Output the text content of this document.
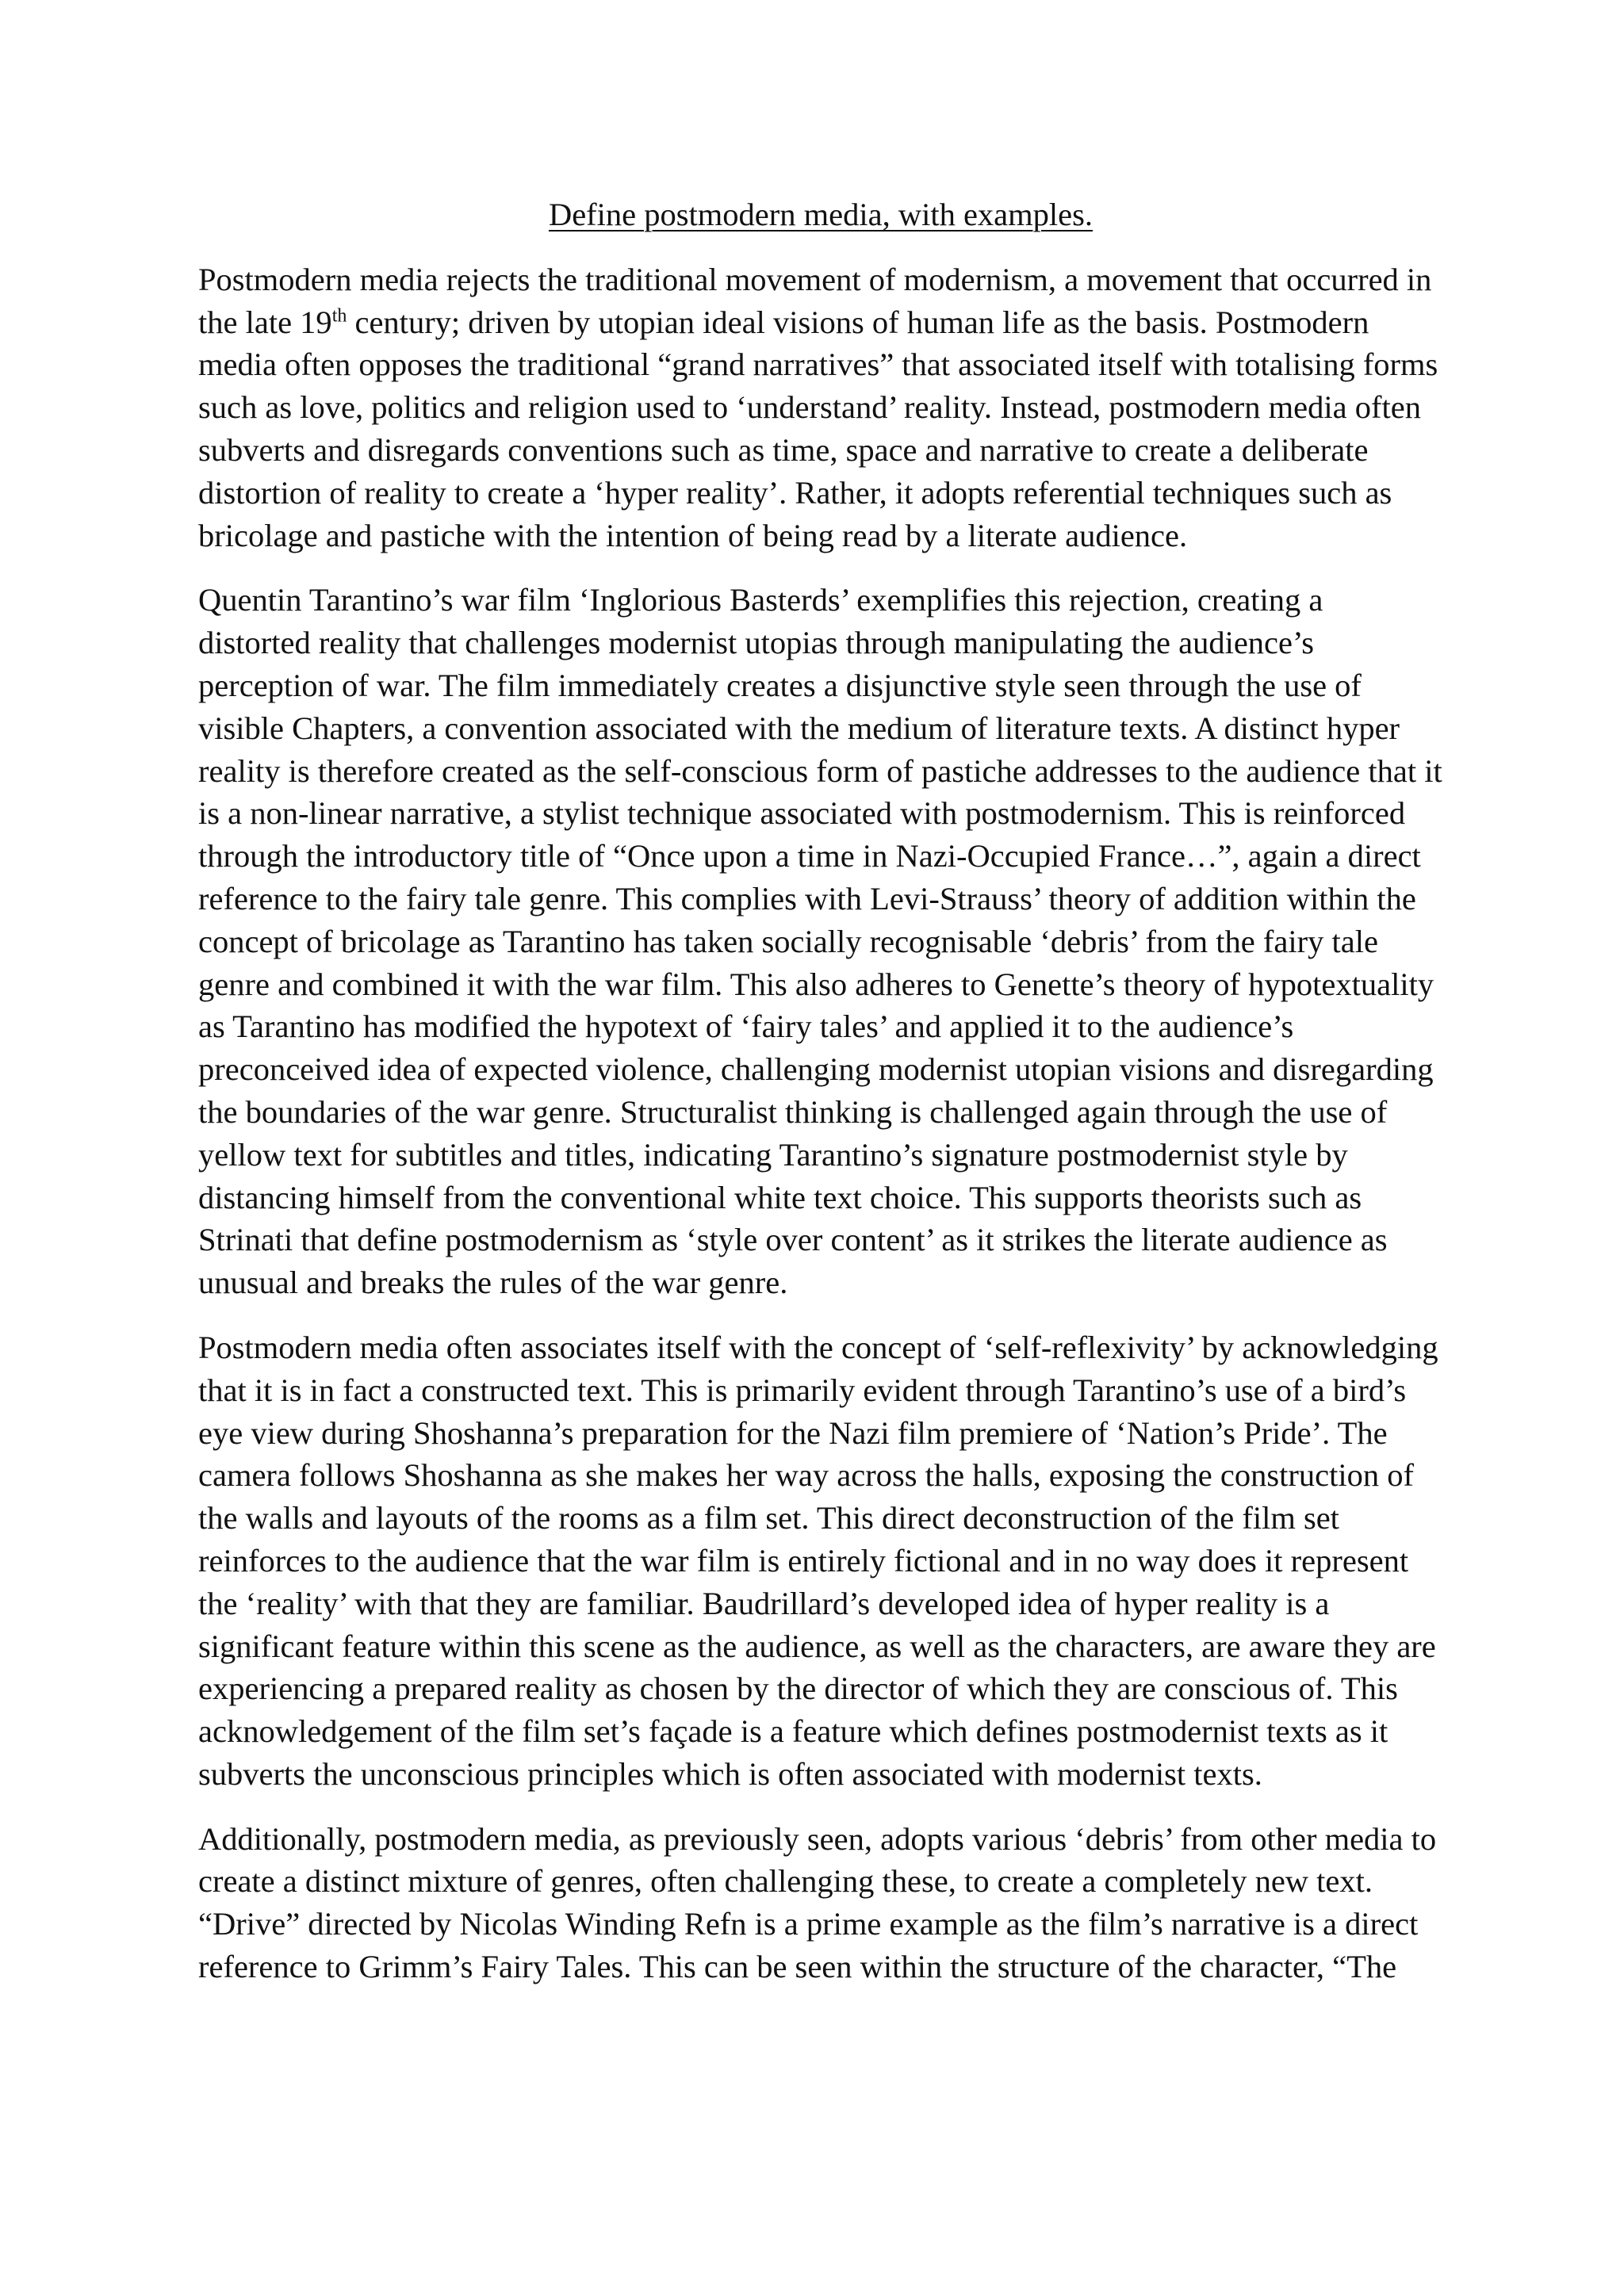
Define postmodern media, with examples.

Postmodern media rejects the traditional movement of modernism, a movement that occurred in the late 19th century; driven by utopian ideal visions of human life as the basis. Postmodern media often opposes the traditional “grand narratives” that associated itself with totalising forms such as love, politics and religion used to ‘understand’ reality. Instead, postmodern media often subverts and disregards conventions such as time, space and narrative to create a deliberate distortion of reality to create a ‘hyper reality’. Rather, it adopts referential techniques such as bricolage and pastiche with the intention of being read by a literate audience.

Quentin Tarantino’s war film ‘Inglorious Basterds’ exemplifies this rejection, creating a distorted reality that challenges modernist utopias through manipulating the audience’s perception of war. The film immediately creates a disjunctive style seen through the use of visible Chapters, a convention associated with the medium of literature texts. A distinct hyper reality is therefore created as the self-conscious form of pastiche addresses to the audience that it is a non-linear narrative, a stylist technique associated with postmodernism. This is reinforced through the introductory title of “Once upon a time in Nazi-Occupied France…”, again a direct reference to the fairy tale genre. This complies with Levi-Strauss’ theory of addition within the concept of bricolage as Tarantino has taken socially recognisable ‘debris’ from the fairy tale genre and combined it with the war film. This also adheres to Genette’s theory of hypotextuality as Tarantino has modified the hypotext of ‘fairy tales’ and applied it to the audience’s preconceived idea of expected violence, challenging modernist utopian visions and disregarding the boundaries of the war genre. Structuralist thinking is challenged again through the use of yellow text for subtitles and titles, indicating Tarantino’s signature postmodernist style by distancing himself from the conventional white text choice. This supports theorists such as Strinati that define postmodernism as ‘style over content’ as it strikes the literate audience as unusual and breaks the rules of the war genre.

Postmodern media often associates itself with the concept of ‘self-reflexivity’ by acknowledging that it is in fact a constructed text. This is primarily evident through Tarantino’s use of a bird’s eye view during Shoshanna’s preparation for the Nazi film premiere of ‘Nation’s Pride’. The camera follows Shoshanna as she makes her way across the halls, exposing the construction of the walls and layouts of the rooms as a film set. This direct deconstruction of the film set reinforces to the audience that the war film is entirely fictional and in no way does it represent the ‘reality’ with that they are familiar. Baudrillard’s developed idea of hyper reality is a significant feature within this scene as the audience, as well as the characters, are aware they are experiencing a prepared reality as chosen by the director of which they are conscious of. This acknowledgement of the film set’s façade is a feature which defines postmodernist texts as it subverts the unconscious principles which is often associated with modernist texts.

Additionally, postmodern media, as previously seen, adopts various ‘debris’ from other media to create a distinct mixture of genres, often challenging these, to create a completely new text. “Drive” directed by Nicolas Winding Refn is a prime example as the film’s narrative is a direct reference to Grimm’s Fairy Tales. This can be seen within the structure of the character, “The
